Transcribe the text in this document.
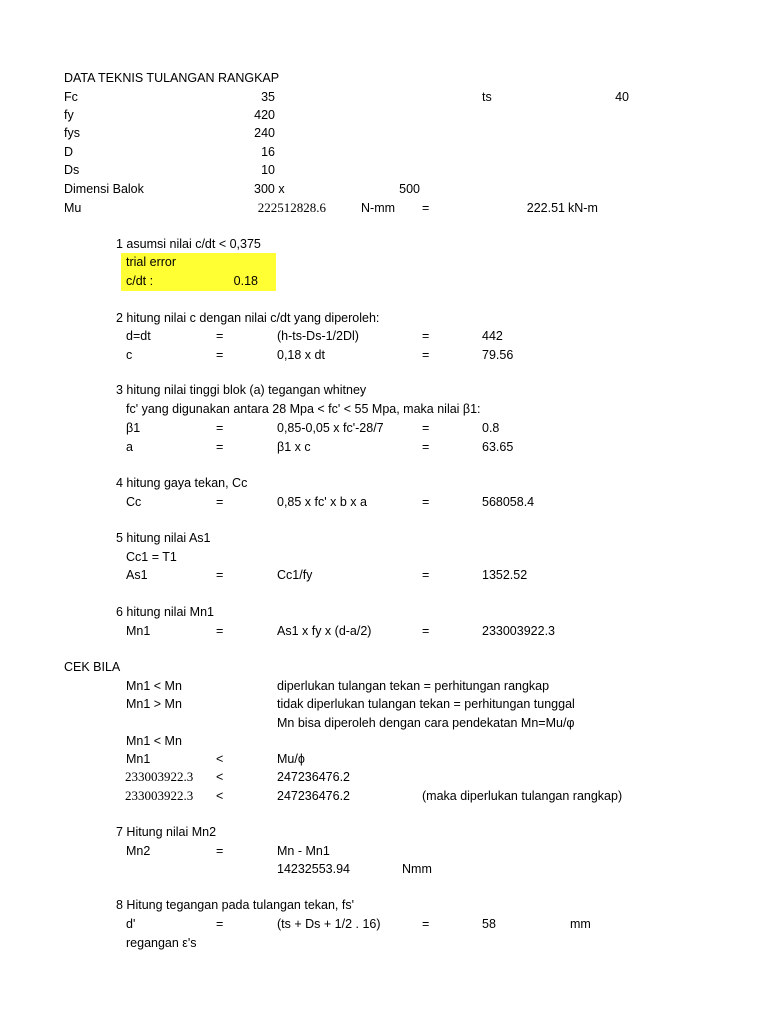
DATA TEKNIS TULANGAN RANGKAP
Fc	35	ts	40
fy	420
fys	240
D	16
Ds	10
Dimensi Balok	300 x	500
Mu	222512828.6	N-mm =	222.51 kN-m
1 asumsi nilai c/dt < 0,375
trial error
c/dt :	0.18
2 hitung nilai c dengan nilai c/dt yang diperoleh:
d=dt	=	(h-ts-Ds-1/2Dl)	=	442
c	=	0,18 x dt	=	79.56
3 hitung nilai tinggi blok (a) tegangan whitney
fc' yang digunakan antara 28 Mpa < fc' < 55 Mpa, maka nilai β1:
β1	=	0,85-0,05 x fc'-28/7	=	0.8
a	=	β1 x c	=	63.65
4 hitung gaya tekan, Cc
Cc	=	0,85 x fc' x b x a	=	568058.4
5 hitung nilai As1
Cc1 = T1
As1	=	Cc1/fy	=	1352.52
6 hitung nilai Mn1
Mn1	=	As1 x fy x (d-a/2)	=	233003922.3
CEK BILA
Mn1 < Mn	diperlukan tulangan tekan = perhitungan rangkap
Mn1 > Mn	tidak diperlukan tulangan tekan = perhitungan tunggal
Mn bisa diperoleh dengan cara pendekatan Mn=Mu/φ
Mn1 < Mn
Mn1	<	Mu/ϕ
233003922.3 <	247236476.2
233003922.3 <	247236476.2	(maka diperlukan tulangan rangkap)
7 Hitung nilai Mn2
Mn2	=	Mn - Mn1
14232553.94	Nmm
8 Hitung tegangan pada tulangan tekan, fs'
d'	=	(ts + Ds + 1/2 . 16)	=	58	mm
regangan ε's
